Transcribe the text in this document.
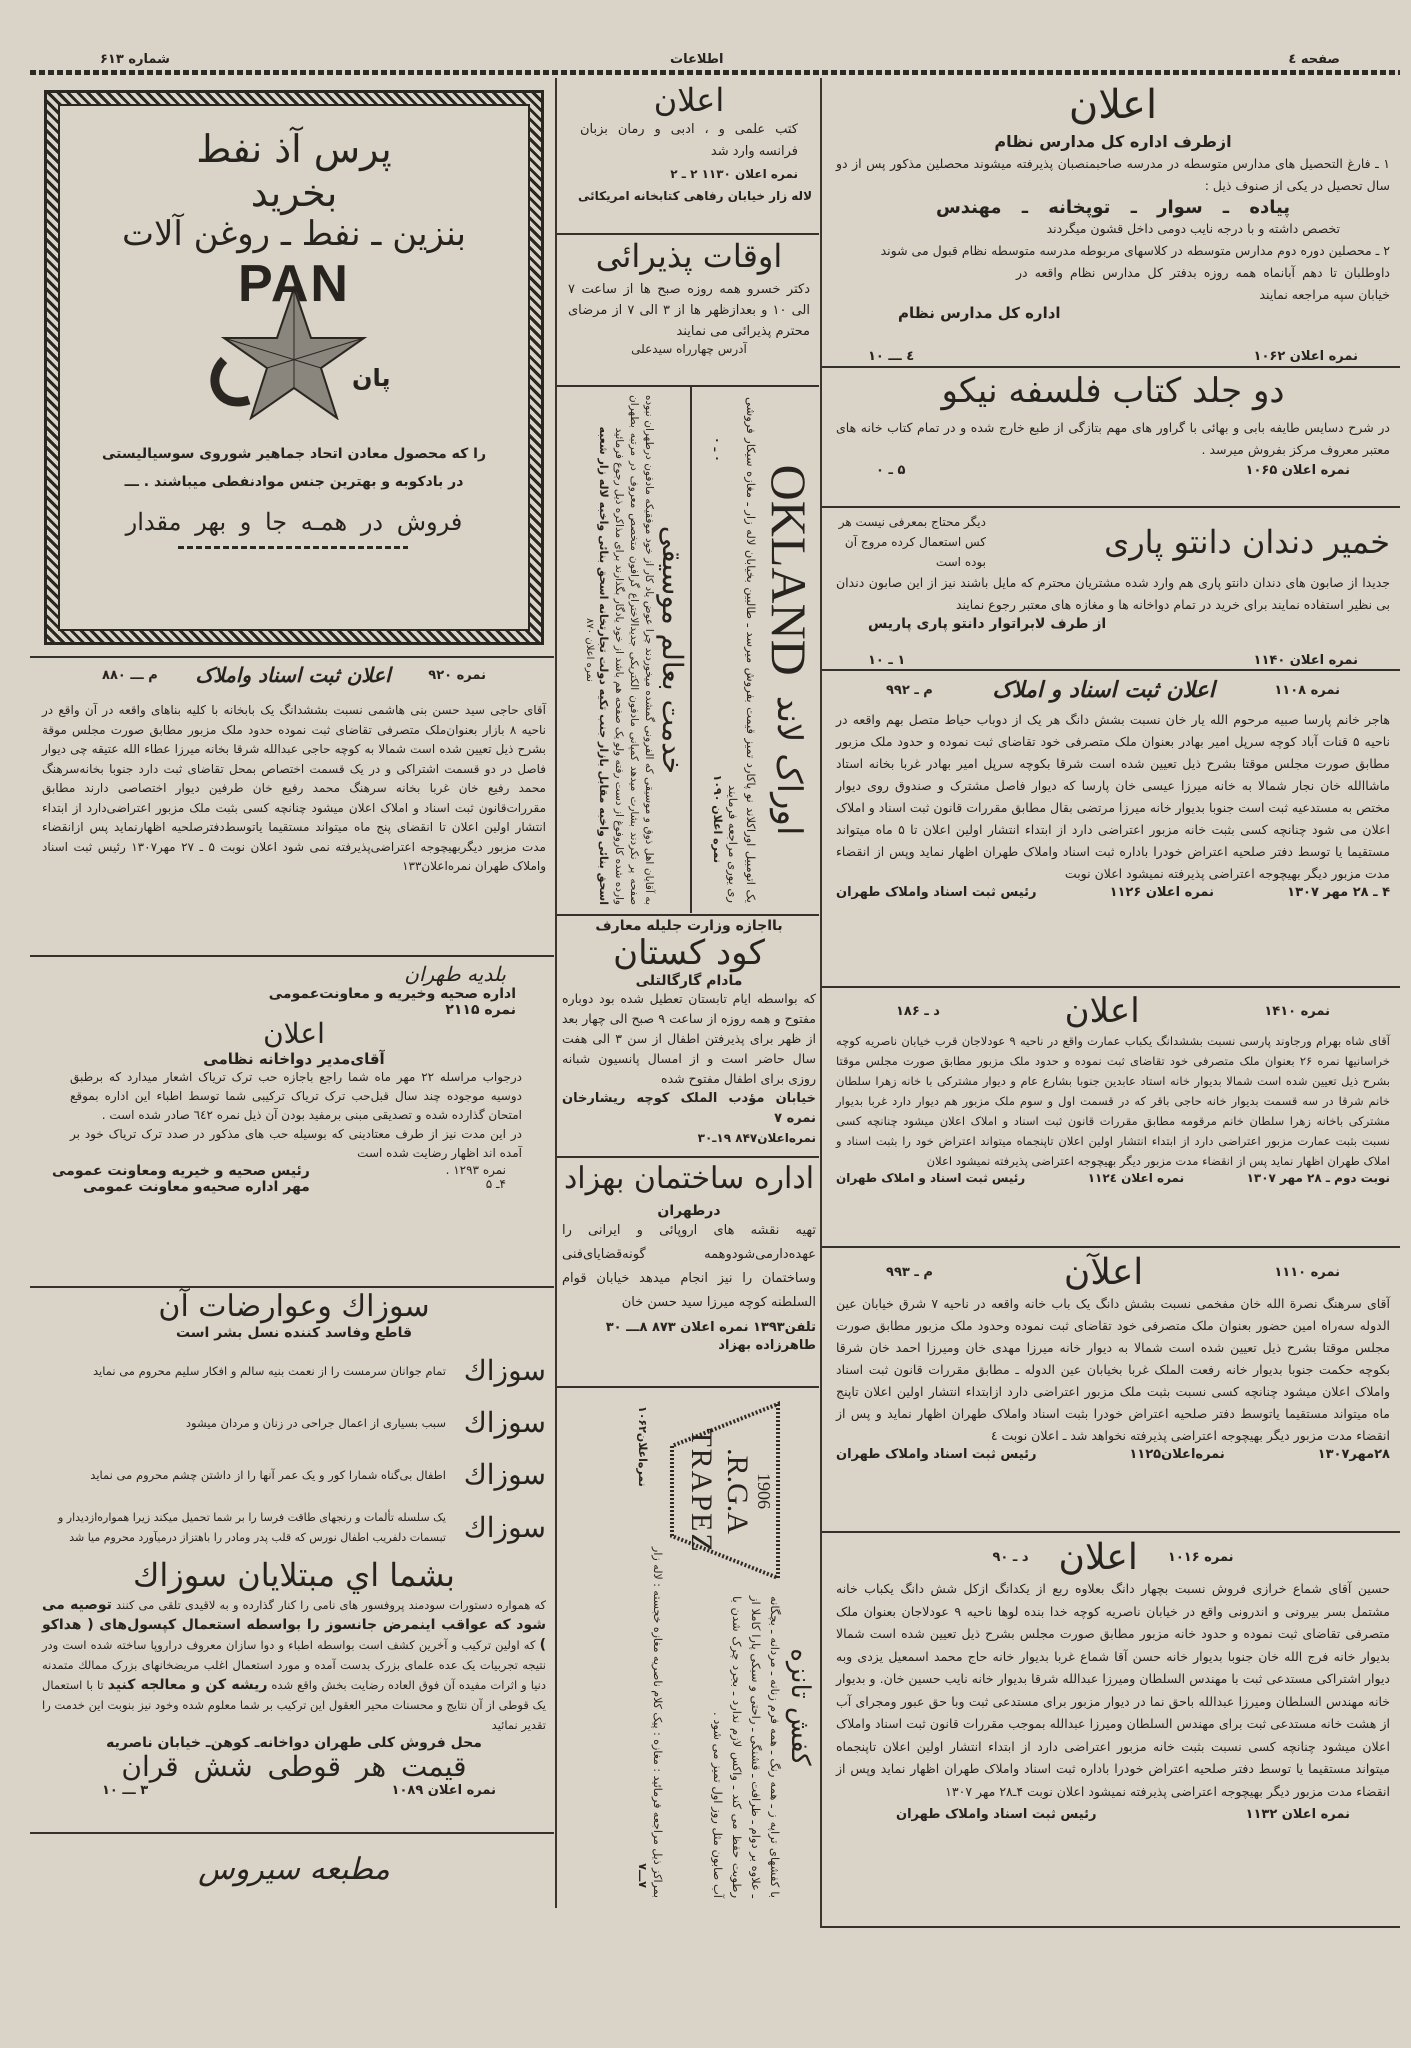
صفحه ٤
اطلاعات
شماره ۶۱۳
اعلان
ازطرف اداره کل مدارس نظام
۱ ـ فارغ التحصیل های مدارس متوسطه در مدرسه صاحبمنصبان پذیرفته میشوند محصلین مذکور پس از دو سال تحصیل در یکی از صنوف ذیل :
پیاده ـ سوار ـ توپخانه ـ مهندس
تخصص داشته و با درجه نایب دومی داخل قشون میگردند
۲ ـ محصلین دوره دوم مدارس متوسطه در کلاسهای مربوطه مدرسه متوسطه نظام قبول می شوند
داوطلبان تا دهم آبانماه همه روزه بدفتر کل مدارس نظام واقعه در خیابان سپه مراجعه نمایند
اداره کل مدارس نظام
نمره اعلان ۱۰۶۲
٤ ـــ ۱۰
دو جلد کتاب فلسفه نیکو
در شرح دسایس طایفه بابی و بهائی با گراور های مهم بتازگی از طبع خارج شده و در تمام کتاب خانه های معتبر معروف مرکز بفروش میرسد .
نمره اعلان ۱۰۶۵
۵ ـ ۰
خمیر دندان دانتو پاری
دیگر محتاج بمعرفی نیست هر کس استعمال کرده مروج آن بوده است
جدیدا از صابون های دندان دانتو پاری هم وارد شده مشتریان محترم که مایل باشند نیز از این صابون دندان بی نظیر استفاده نمایند برای خرید در تمام دواخانه ها و مغازه های معتبر رجوع نمایند
از طرف لابراتوار دانتو پاری پاریس
نمره اعلان ۱۱۴۰
۱ ـ ۱۰
نمره ۱۱۰۸
اعلان ثبت اسناد و املاک
م ـ ۹۹۲
هاجر خانم پارسا صبیه مرحوم الله یار خان نسبت بشش دانگ هر یک از دوباب حیاط متصل بهم واقعه در ناحیه ۵ قنات آباد کوچه سرپل امیر بهادر بعنوان ملک متصرفی خود تقاضای ثبت نموده و حدود ملک مزبور مطابق صورت مجلس موقتا بشرح ذیل تعیین شده است شرقا بکوچه سرپل امیر بهادر غربا بخانه استاد ماشاالله خان نجار شمالا به خانه میرزا عیسی خان پارسا که دیوار فاصل مشترک و صندوق روی دیوار مختص به مستدعیه ثبت است جنوبا بدیوار خانه میرزا مرتضی بقال مطابق مقررات قانون ثبت اسناد و املاک اعلان می شود چنانچه کسی بثبت خانه مزبور اعتراضی دارد از ابتداء انتشار اولین اعلان تا ۵ ماه میتواند مستقیما یا توسط دفتر صلحیه اعتراض خودرا باداره ثبت اسناد واملاک طهران اظهار نماید وپس از انقضاء مدت مزبور دیگر بهیچوجه اعتراضی پذیرفته نمیشود اعلان نوبت
۴ ـ ۲۸ مهر ۱۳۰۷
نمره اعلان ۱۱۲۶
رئیس ثبت اسناد واملاک طهران
نمره ۱۴۱۰
اعلان
د ـ ۱۸۶
آقای شاه بهرام ورجاوند پارسی نسبت بششدانگ یکباب عمارت واقع در ناحیه ۹ عودلاجان قرب خیابان ناصریه کوچه خراسانیها نمره ۲۶ بعنوان ملک متصرفی خود تقاضای ثبت نموده و حدود ملک مزبور مطابق صورت مجلس موقتا بشرح ذیل تعیین شده است شمالا بدیوار خانه استاد عابدین جنوبا بشارع عام و دیوار مشترکی با خانه زهرا سلطان خانم شرقا در سه قسمت بدیوار خانه حاجی باقر که در قسمت اول و سوم ملک مزبور هم دیوار دارد غربا بدیوار مشترکی باخانه زهرا سلطان خانم مرقومه مطابق مقررات قانون ثبت اسناد و املاک اعلان میشود چنانچه کسی نسبت بثبت عمارت مزبور اعتراضی دارد از ابتداء انتشار اولین اعلان تاپنجماه میتواند اعتراض خود را بثبت اسناد و املاک طهران اظهار نماید پس از انقضاء مدت مزبور دیگر بهیچوجه اعتراضی پذیرفته نمیشود اعلان
نوبت دوم ـ ۲۸ مهر ۱۳۰۷
نمره اعلان ۱۱۲٤
رئیس ثبت اسناد و املاک طهران
نمره ۱۱۱۰
اعلآن
م ـ ۹۹۳
آقای سرهنگ نصرة الله خان مفخمی نسبت بشش دانگ یک باب خانه واقعه در ناحیه ۷ شرق خیابان عین الدوله سه‌راه امین حضور بعنوان ملک متصرفی خود تقاضای ثبت نموده وحدود ملک مزبور مطابق صورت مجلس موقتا بشرح ذیل تعیین شده است شمالا به دیوار خانه میرزا مهدی خان ومیرزا احمد خان شرقا بکوچه حکمت جنوبا بدیوار خانه رفعت الملک غربا بخیابان عین الدوله ـ مطابق مقررات قانون ثبت اسناد واملاک اعلان میشود چنانچه کسی نسبت بثبت ملک مزبور اعتراضی دارد ازابتداء انتشار اولین اعلان تاپنج ماه میتواند مستقیما یاتوسط دفتر صلحیه اعتراض خودرا بثبت اسناد واملاک طهران اظهار نماید و پس از انقضاء مدت مزبور دیگر بهیچوجه اعتراضی پذیرفته نخواهد شد ـ اعلان نوبت ٤
۲۸مهر۱۳۰۷
نمره‌اعلان۱۱۲۵
رئیس ثبت اسناد واملاک طهران
نمره ۱۰۱۶
اعلان
د ـ ۹۰
حسین آقای شماع خرازی فروش نسبت بچهار دانگ بعلاوه ربع از یکدانگ ازکل شش دانگ یکباب خانه مشتمل بسر بیرونی و اندرونی واقع در خیابان ناصریه کوچه خدا بنده لوها ناحیه ۹ عودلاجان بعنوان ملک متصرفی تقاضای ثبت نموده و حدود خانه مزبور مطابق صورت مجلس بشرح ذیل تعیین شده است شمالا بدیوار خانه فرج الله خان جنوبا بدیوار خانه حسن آقا شماع غربا بدیوار خانه حاج محمد اسمعیل یزدی وبه دیوار اشتراکی مستدعی ثبت با مهندس السلطان ومیرزا عبدالله شرقا بدیوار خانه نایب حسین خان. و بدیوار خانه مهندس السلطان ومیرزا عبدالله باحق نما در دیوار مزبور برای مستدعی ثبت وبا حق عبور ومجرای آب از هشت خانه مستدعی ثبت برای مهندس السلطان ومیرزا عبدالله بموجب مقررات قانون ثبت اسناد واملاک اعلان میشود چنانچه کسی نسبت بثبت خانه مزبور اعتراضی دارد از ابتداء انتشار اولین اعلان تاپنجماه میتواند مستقیما یا توسط دفتر صلحیه اعتراض خودرا باداره ثبت اسناد واملاک طهران اظهار نماید وپس از انقضاء مدت مزبور دیگر بهیچوجه اعتراضی پذیرفته نمیشود اعلان نوبت ۴ـ۲۸ مهر ۱۳۰۷
نمره اعلان ۱۱۳۲
رئیس ثبت اسناد واملاک طهران
اعلان
کتب علمی و ، ادبی و رمان بزبان فرانسه وارد شد
نمره اعلان ۱۱۳۰ ۲ ـ ۲
لاله زار خیابان رفاهی کتابخانه امریکائی
اوقات پذیرائی
دکتر خسرو همه روزه صبح ها از ساعت ۷ الی ۱۰ و بعدازظهر ها از ۳ الی ۷ از مرضای محترم پذیرائی می نمایند
آدرس چهارراه سیدعلی
اوراک لاند
OKLAND
یک اتومبیل اوراکلاند نو پاکارد تمیز قیمت بفروش میرسد ـ طالبین بخیابان لاله زار ـ مغازه سیکار فروشی ری یوری مراجعه فرمایند
نمره اعلان ۱۰۹۰
۰ ـ ۰
خدمت بعالم موسیقی
به آقایان اهل ذوق و موسیقی که الفرونی گمشده میخوردند چرا عوض یاد کار از خود موفقیکه مادفون درطهران نبوده صفحه پر نکردند بشارت میدهد کمپانی مادفون الکتریکی جدیدالاختراع گرافون متخصص معروف در مرتبه بطهران وارده شده کاروفوغ از دست رفته ولو یک صفحه هم باشد از خود یادگار بگذارند برای مذاکره ذیل رجوع فرمائید
اسحق بنائی واخبه مقابل بازار جنب تکیه دولت تجارتخانه اسحق بنائی واخبه لاله زار شعبه
نمره اعلان ۸۷۰
بااجازه وزارت جلیله معارف
کود کستان
مادام گارگالتلی
که بواسطه ایام تابستان تعطیل شده بود دوباره مفتوح و همه روزه از ساعت ۹ صبح الی چهار بعد از ظهر برای پذیرفتن اطفال از سن ۳ الی هفت سال حاضر است و از امسال پانسیون شبانه روزی برای اطفال مفتوح شده
خیابان مؤدب الملک کوچه ریشارخان نمره ۷
نمره‌اعلان۸۴۷ ۱۹ـ۳۰
اداره ساختمان بهزاد
درطهران
تهیه نقشه های اروپائی و ایرانی را عهده‌دارمی‌شودوهمه گونه‌قضایای‌فنی وساختمان را نیز انجام میدهد خیابان قوام السلطنه کوچه میرزا سید حسن خان
تلفن۱۳۹۳ نمره اعلان ۸۷۳ ۸ـــ ۳۰
طاهرزاده بهزاد
کفش تانزه
با کفشهای تراپه ز ـ همه رنگ ـ همه فرم زنانه ـ مردانه ـ بچگانه ـ علاوه بر دوام ـ ظرافت ـ قشنگی ـ راحتی و سبکی پارا کاملا از رطوبت حفظ می کند ـ واکس لازم ندارد ـ بجرد چرک شدن با آب صابون مثل روز اول تمیز می شود .
1906
.R.G.A
TRAPEZ
بمراکز ذیل مراجعه فرمائید : مغازه : پیک کلام ناصریه مغازه خجسته : لاله زار
۷ـــ۷
نمره‌اعلان۱۰۶۲
پرس آذ نفط
بخرید
بنزین ـ نفط ـ روغن آلات
PAN
پان
را که محصول معادن اتحاد جماهیر شوروی سوسیالیستی
در بادکوبه و بهترین جنس موادنفطی میباشند . ـــ
فروش در همـه جا و بهر مقدار
نمره ۹۲۰
اعلان ثبت اسناد واملاک
م ـــ ۸۸۰
آقای حاجی سید حسن بنی هاشمی نسبت بششدانگ یک بابخانه با کلیه بناهای واقعه در آن واقع در ناحیه ۸ بازار بعنوان‌ملک متصرفی تقاضای ثبت نموده حدود ملک مزبور مطابق صورت مجلس موقة بشرح ذیل تعیین شده است شمالا به کوچه حاجی عبدالله شرقا بخانه میرزا عطاء الله عتیقه چی دیوار فاصل در دو قسمت اشتراکی و در یک قسمت اختصاص بمحل تقاضای ثبت دارد جنوبا بخانه‌سرهنگ محمد رفیع خان غربا بخانه سرهنگ محمد رفیع خان طرفین دیوار اختصاصی دارند مطابق مقررات‌قانون ثبت اسناد و املاک اعلان میشود چنانچه کسی بثبت ملک مزبور اعتراضی‌دارد از ابتداء انتشار اولین اعلان تا انقضای پنج ماه میتواند مستقیما یاتوسط‌دفترصلحیه اظهارنماید پس ازانقضاء مدت مزبور دیگربهیچوجه اعتراضی‌پذیرفته نمی شود اعلان نوبت ۵ ـ ۲۷ مهر۱۳۰۷ رئیس ثبت اسناد واملاک طهران نمره‌اعلان۱۳۳
بلدیه طهران
اداره صحیه وخیریه و معاونت‌عمومی
نمره ۲۱۱۵
اعلان
آقای‌مدیر دواخانه نظامی
درجواب مراسله ۲۲ مهر ماه شما راجع باجازه حب ترک تریاک اشعار میدارد که برطبق دوسیه موجوده چند سال قبل‌حب ترک تریاک ترکیبی شما توسط اطباء این اداره بموقع امتحان گذارده شده و تصدیقی مبنی برمفید بودن آن ذیل نمره ٦٤٢ صادر شده است .
در این مدت نیز از طرف معتادینی که بوسیله حب های مذکور در صدد ترک تریاک خود بر آمده اند اظهار رضایت شده است
نمره ۱۲۹۳ .
۴ـ ۵
رئیس صحیه و خیریه ومعاونت عمومی
مهر اداره صحیه‌و معاونت عمومی
سوزاك وعوارضات آن
قاطع وفاسد کننده نسل بشر است
سوزاك
تمام جوانان سرمست را از نعمت بنیه سالم و افکار سلیم محروم می نماید
سوزاك
سبب بسیاری از اعمال جراحی در زنان و مردان میشود
سوزاك
اطفال بی‌گناه شمارا کور و یک عمر آنها را از داشتن چشم محروم می نماید
سوزاك
یک سلسله تألمات و رنجهای طاقت فرسا را بر شما تحمیل میکند زیرا همواره‌ازدیدار و تبسمات دلفریب اطفال نورس که قلب پدر ومادر را باهتزاز درمیآورد محروم میا شد
بشما اي مبتلايان سوزاك
که همواره دستورات سودمند پروفسور های نامی را کنار گذارده و به لاقیدی تلقی می کنند توصیه می شود که عواقب اینمرض جانسوز را بواسطه استعمال کپسول‌های ( هداکو ) که اولین ترکیب و آخرین کشف است بواسطه اطباء و دوا سازان معروف دراروپا ساخته شده است ودر نتیجه تجربیات یک عده علمای بزرک بدست آمده و مورد استعمال اغلب مریضخانهای بزرک ممالك متمدنه دنیا و اثرات مفیده آن فوق العاده رضایت بخش واقع شده ریشه کن و معالجه کنید تا با استعمال یک قوطی از آن نتایج و محسنات محیر العقول این ترکیب بر شما معلوم شده وخود نیز بنوبت این خدمت را تقدیر نمائید
محل فروش کلی طهران دواخانه‌ـ کوهن‌ـ خیابان ناصریه
قیمت هر قوطی شش قران
نمره اعلان ۱۰۸۹
۳ ـــ ۱۰
مطبعه سیروس
